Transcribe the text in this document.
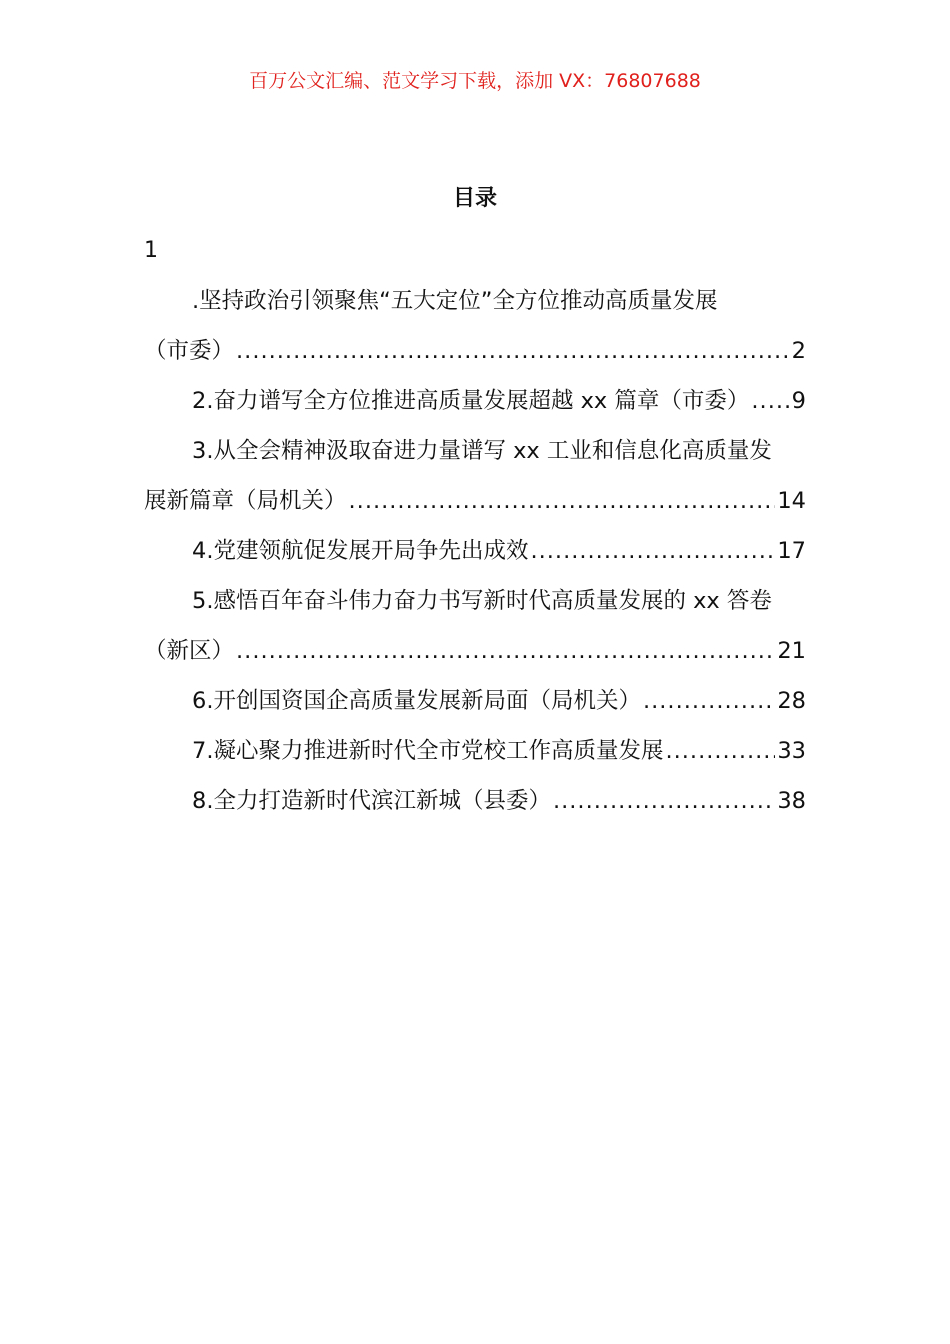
百万公文汇编、范文学习下载，添加 VX：76807688
目录
1
.坚持政治引领聚焦“五大定位”全方位推动高质量发展
（市委） .....	2
2.奋力谱写全方位推进高质量发展超越 xx 篇章（市委） ..... 9
3.从全会精神汲取奋进力量谱写 xx 工业和信息化高质量发
展新篇章（局机关） .....	14
4.党建领航促发展开局争先出成效 .....	17
5.感悟百年奋斗伟力奋力书写新时代高质量发展的 xx 答卷
（新区） .....	21
6.开创国资国企高质量发展新局面（局机关） .....	28
7.凝心聚力推进新时代全市党校工作高质量发展 .....	33
8.全力打造新时代滨江新城（县委） .....	38
